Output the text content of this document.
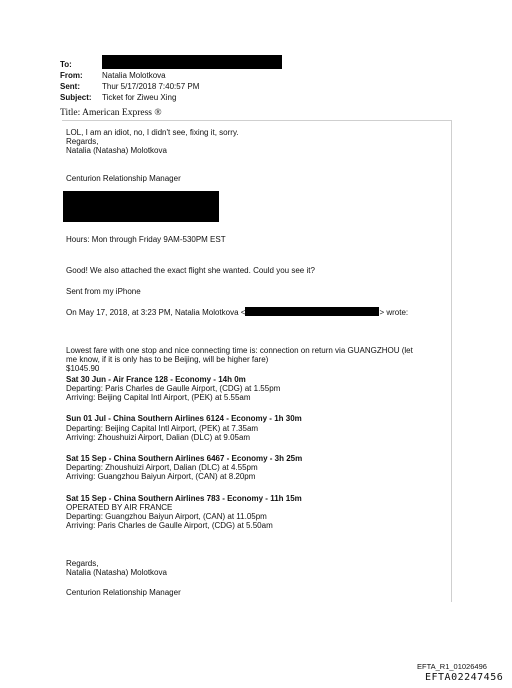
To:
From:	Natalia Molotkova
Sent:	Thur 5/17/2018 7:40:57 PM
Subject:	Ticket for Ziweu Xing
Title: American Express ®
LOL, I am an idiot, no, I didn't see, fixing it, sorry.
Regards,
Natalia (Natasha) Molotkova
Centurion Relationship Manager
Hours: Mon through Friday 9AM-530PM EST
Good! We also attached the exact flight she wanted. Could you see it?
Sent from my iPhone
On May 17, 2018, at 3:23 PM, Natalia Molotkova <	> wrote:
Lowest fare with one stop and nice connecting time is: connection on return via GUANGZHOU (let
me know, if it is only has to be Beijing, will be higher fare)
$1045.90
Sat 30 Jun - Air France 128 - Economy - 14h 0m
Departing: Paris Charles de Gaulle Airport, (CDG) at 1.55pm
Arriving: Beijing Capital Intl Airport, (PEK) at 5.55am
Sun 01 Jul - China Southern Airlines 6124 - Economy - 1h 30m
Departing: Beijing Capital Intl Airport, (PEK) at 7.35am
Arriving: Zhoushuizi Airport, Dalian (DLC) at 9.05am
Sat 15 Sep - China Southern Airlines 6467 - Economy - 3h 25m
Departing: Zhoushuizi Airport, Dalian (DLC) at 4.55pm
Arriving: Guangzhou Baiyun Airport, (CAN) at 8.20pm
Sat 15 Sep - China Southern Airlines 783 - Economy - 11h 15m
OPERATED BY AIR FRANCE
Departing: Guangzhou Baiyun Airport, (CAN) at 11.05pm
Arriving: Paris Charles de Gaulle Airport, (CDG) at 5.50am
Regards,
Natalia (Natasha) Molotkova
Centurion Relationship Manager
EFTA_R1_01026496
EFTA02247456
